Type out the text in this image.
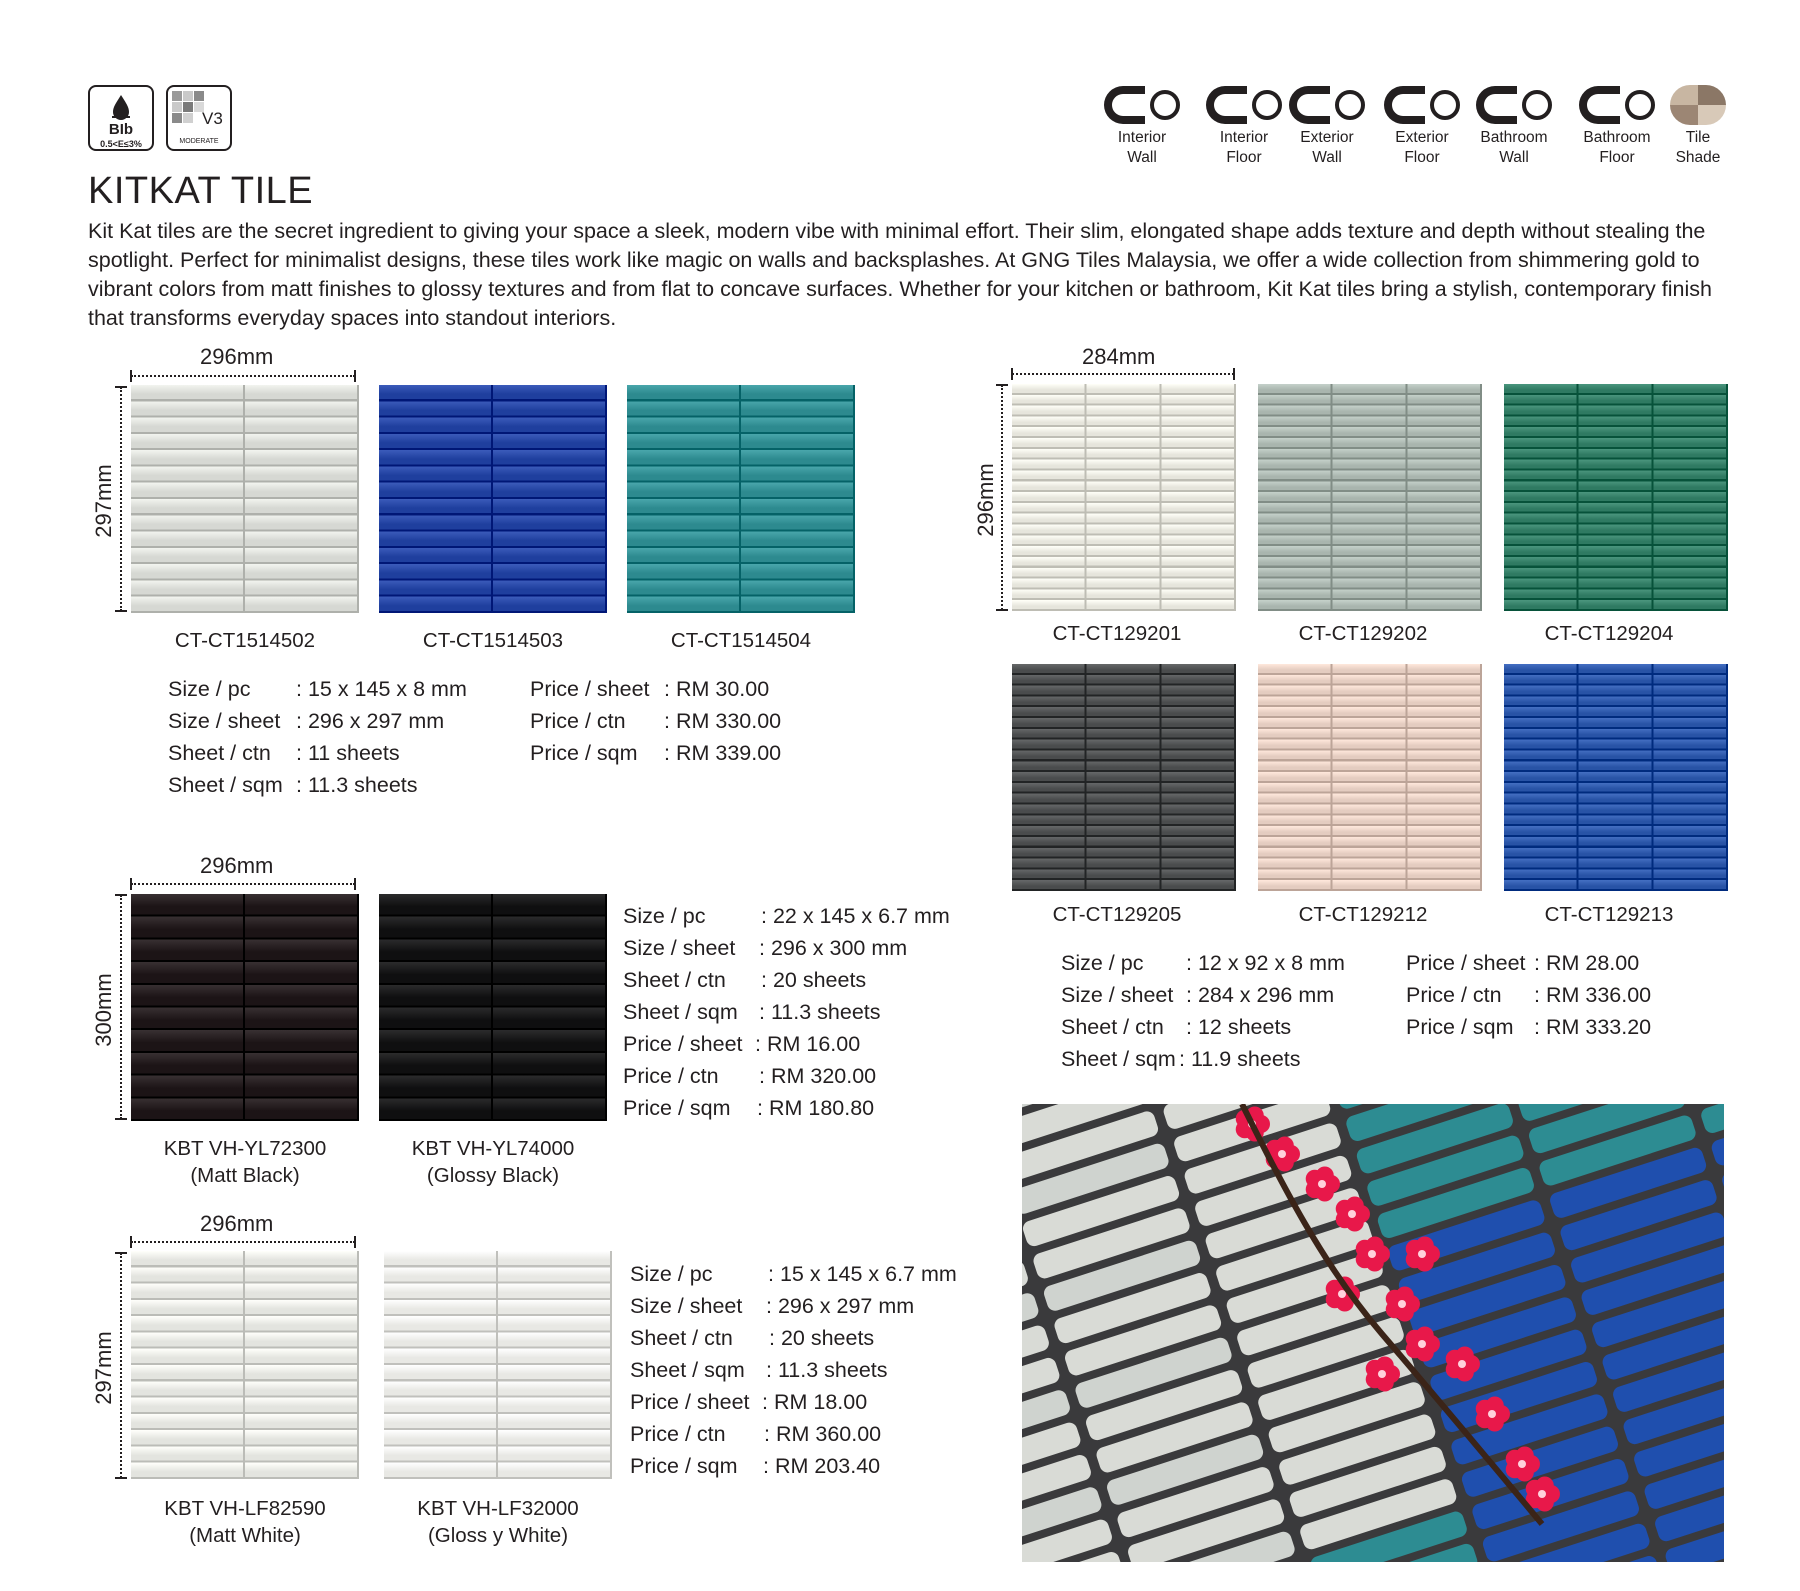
BIb
0.5<E≤3%
V3
MODERATE	Interior
Wall
Interior
Floor
Exterior
Wall
Exterior
Floor
Bathroom
Wall
Bathroom
Floor
Tile
Shade
KITKAT TILE
Kit Kat tiles are the secret ingredient to giving your space a sleek, modern vibe with minimal effort. Their slim, elongated shape adds texture and depth without stealing the spotlight. Perfect for minimalist designs, these tiles work like magic on walls and backsplashes. At GNG Tiles Malaysia, we offer a wide collection from shimmering gold to vibrant colors from matt finishes to glossy textures and from flat to concave surfaces. Whether for your kitchen or bathroom, Kit Kat tiles bring a stylish, contemporary finish that transforms everyday spaces into standout interiors.
296mm
297mm
CT-CT1514502	CT-CT1514503	CT-CT1514504
Size / pc : 15 x 145 x 8 mm
Size / sheet : 296 x 297 mm
Sheet / ctn : 11 sheets
Sheet / sqm : 11.3 sheets
Price / sheet : RM 30.00
Price / ctn : RM 330.00
Price / sqm : RM 339.00
284mm
296mm
CT-CT129201	CT-CT129202	CT-CT129204
CT-CT129205	CT-CT129212	CT-CT129213
Size / pc : 12 x 92 x 8 mm
Size / sheet : 284 x 296 mm
Sheet / ctn : 12 sheets
Sheet / sqm : 11.9 sheets
Price / sheet : RM 28.00
Price / ctn : RM 336.00
Price / sqm : RM 333.20
296mm
300mm
KBT VH-YL72300
(Matt Black)
KBT VH-YL74000
(Glossy Black)
Size / pc	: 22 x 145 x 6.7 mm
Size / sheet : 296 x 300 mm
Sheet / ctn : 20 sheets
Sheet / sqm : 11.3 sheets
Price / sheet : RM 16.00
Price / ctn : RM 320.00
Price / sqm : RM 180.80
296mm
297mm
KBT VH-LF82590
(Matt White)
KBT VH-LF32000
(Gloss y White)
Size / pc	: 15 x 145 x 6.7 mm
Size / sheet : 296 x 297 mm
Sheet / ctn : 20 sheets
Sheet / sqm : 11.3 sheets
Price / sheet : RM 18.00
Price / ctn : RM 360.00
Price / sqm : RM 203.40
